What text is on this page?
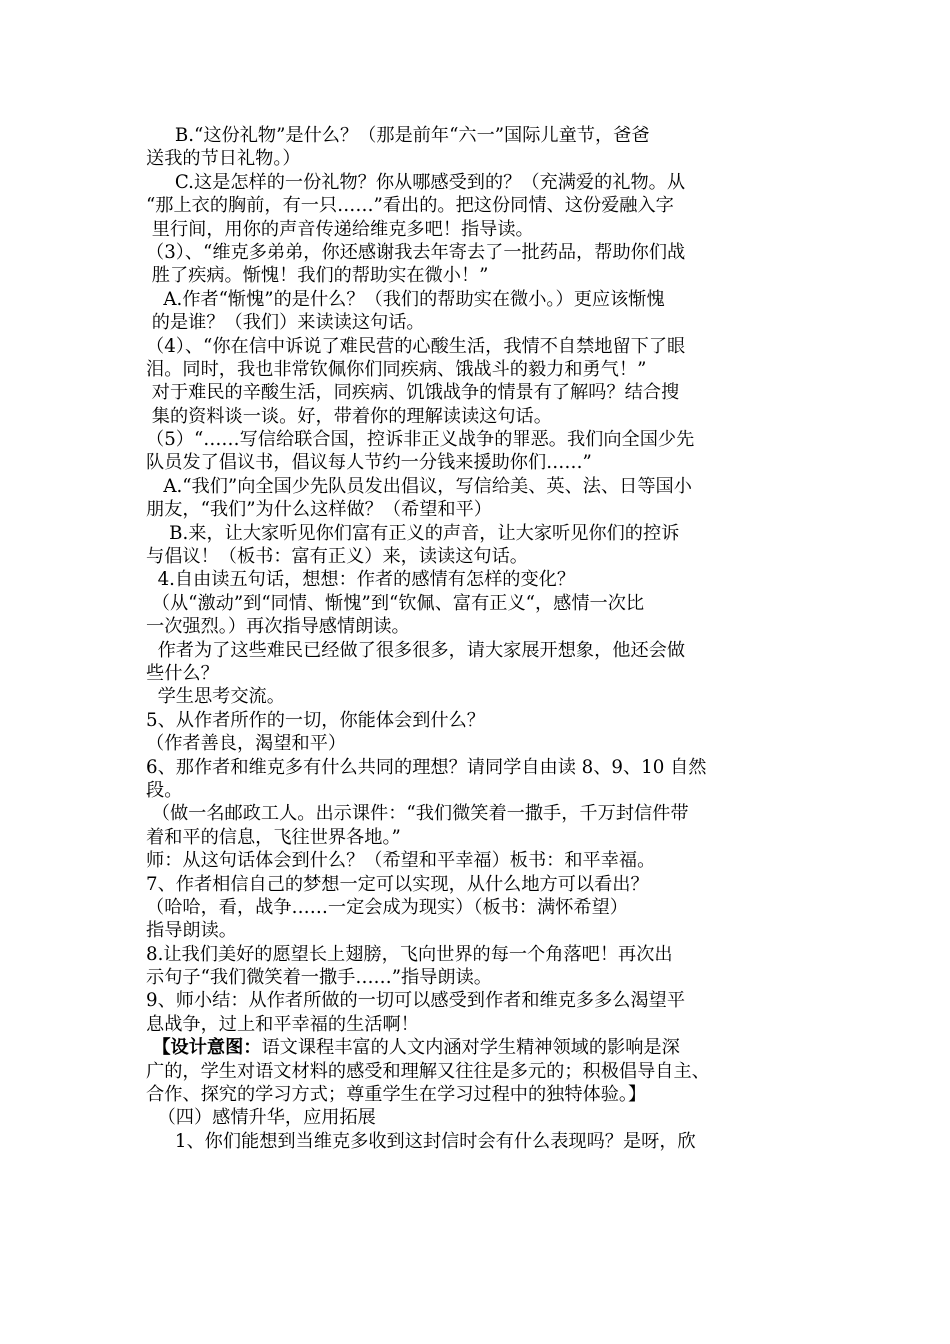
B.“这份礼物”是什么？（那是前年“六一”国际儿童节，爸爸
送我的节日礼物。）
C.这是怎样的一份礼物？你从哪感受到的？（充满爱的礼物。从
“那上衣的胸前，有一只……”看出的。把这份同情、这份爱融入字
里行间，用你的声音传递给维克多吧！指导读。
（3）、“维克多弟弟，你还感谢我去年寄去了一批药品，帮助你们战
胜了疾病。惭愧！我们的帮助实在微小！”
A.作者“惭愧”的是什么？（我们的帮助实在微小。）更应该惭愧
的是谁？（我们）来读读这句话。
（4）、“你在信中诉说了难民营的心酸生活，我情不自禁地留下了眼
泪。同时，我也非常钦佩你们同疾病、饿战斗的毅力和勇气！”
对于难民的辛酸生活，同疾病、饥饿战争的情景有了解吗？结合搜
集的资料谈一谈。好，带着你的理解读读这句话。
（5）“……写信给联合国，控诉非正义战争的罪恶。我们向全国少先
队员发了倡议书，倡议每人节约一分钱来援助你们……”
A.“我们”向全国少先队员发出倡议，写信给美、英、法、日等国小
朋友，“我们”为什么这样做？（希望和平）
B.来，让大家听见你们富有正义的声音，让大家听见你们的控诉
与倡议！（板书：富有正义）来，读读这句话。
4.自由读五句话，想想：作者的感情有怎样的变化？
（从“激动”到“同情、惭愧”到“钦佩、富有正义“，感情一次比
一次强烈。）再次指导感情朗读。
作者为了这些难民已经做了很多很多，请大家展开想象，他还会做
些什么？
学生思考交流。
5、从作者所作的一切，你能体会到什么？
（作者善良，渴望和平）
6、那作者和维克多有什么共同的理想？请同学自由读 8、9、10 自然
段。
（做一名邮政工人。出示课件：“我们微笑着一撒手，千万封信件带
着和平的信息，飞往世界各地。”
师：从这句话体会到什么？（希望和平幸福）板书：和平幸福。
7、作者相信自己的梦想一定可以实现，从什么地方可以看出？
（哈哈，看，战争……一定会成为现实）（板书：满怀希望）
指导朗读。
8.让我们美好的愿望长上翅膀，飞向世界的每一个角落吧！再次出
示句子“我们微笑着一撒手……”指导朗读。
9、师小结：从作者所做的一切可以感受到作者和维克多多么渴望平
息战争，过上和平幸福的生活啊！
【设计意图：语文课程丰富的人文内涵对学生精神领域的影响是深
广的，学生对语文材料的感受和理解又往往是多元的；积极倡导自主、
合作、探究的学习方式；尊重学生在学习过程中的独特体验。】
（四）感情升华，应用拓展
1、你们能想到当维克多收到这封信时会有什么表现吗？是呀，欣
